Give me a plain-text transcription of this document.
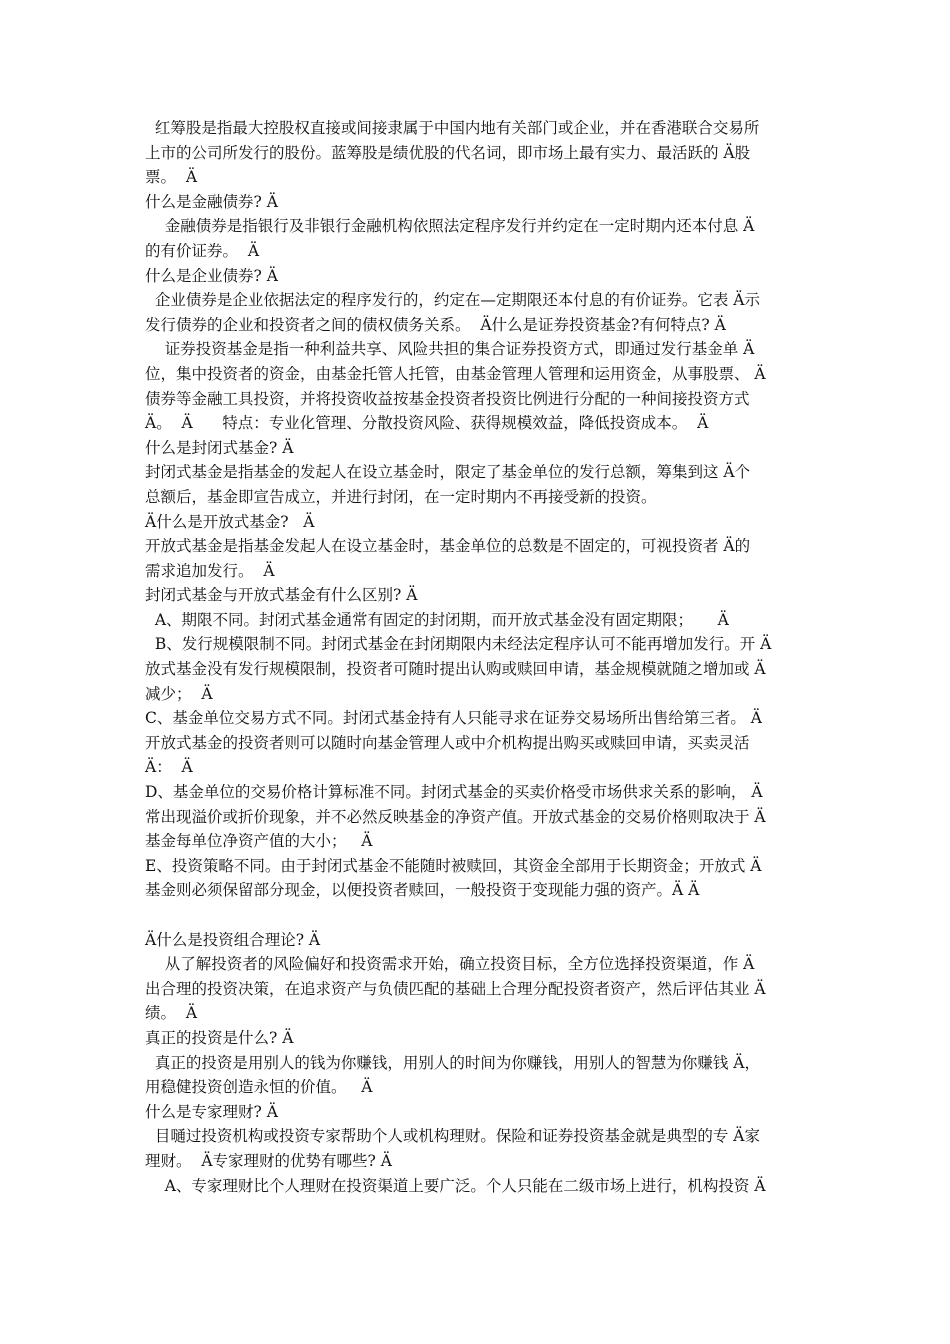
红筹股是指最大控股权直接或间接隶属于中国内地有关部门或企业，并在香港联合交易所
上市的公司所发行的股份。蓝筹股是绩优股的代名词，即市场上最有实力、最活跃的 Ä股
票。  Ä
什么是金融债券? Ä
金融债券是指银行及非银行金融机构依照法定程序发行并约定在一定时期内还本付息 Ä
的有价证券。  Ä
什么是企业债券? Ä
企业债券是企业依据法定的程序发行的，约定在—定期限还本付息的有价证券。它表 Ä示
发行债券的企业和投资者之间的债权债务关系。  Ä什么是证券投资基金?有何特点? Ä
证券投资基金是指一种利益共享、风险共担的集合证券投资方式，即通过发行基金单 Ä
位，集中投资者的资金，由基金托管人托管，由基金管理人管理和运用资金，从事股票、 Ä
债券等金融工具投资，并将投资收益按基金投资者投资比例进行分配的一种间接投资方式
Ä。  Ä      特点：专业化管理、分散投资风险、获得规模效益，降低投资成本。  Ä
什么是封闭式基金? Ä
封闭式基金是指基金的发起人在设立基金时，限定了基金单位的发行总额，筹集到这 Ä个
总额后，基金即宣告成立，并进行封闭，在一定时期内不再接受新的投资。
Ä什么是开放式基金?   Ä
开放式基金是指基金发起人在设立基金时，基金单位的总数是不固定的，可视投资者 Ä的
需求追加发行。  Ä
封闭式基金与开放式基金有什么区别? Ä
A、期限不同。封闭式基金通常有固定的封闭期，而开放式基金没有固定期限；     Ä
B、发行规模限制不同。封闭式基金在封闭期限内未经法定程序认可不能再增加发行。开 Ä
放式基金没有发行规模限制，投资者可随时提出认购或赎回申请，基金规模就随之增加或 Ä
减少；  Ä
C、基金单位交易方式不同。封闭式基金持有人只能寻求在证券交易场所出售给第三者。 Ä
开放式基金的投资者则可以随时向基金管理人或中介机构提出购买或赎回申请，买卖灵活
Ä：  Ä
D、基金单位的交易价格计算标准不同。封闭式基金的买卖价格受市场供求关系的影响， Ä
常出现溢价或折价现象，并不必然反映基金的净资产值。开放式基金的交易价格则取决于 Ä
基金每单位净资产值的大小；   Ä
E、投资策略不同。由于封闭式基金不能随时被赎回，其资金全部用于长期资金；开放式 Ä
基金则必须保留部分现金，以便投资者赎回，一般投资于变现能力强的资产。Ä Ä
Ä什么是投资组合理论? Ä
从了解投资者的风险偏好和投资需求开始，确立投资目标，全方位选择投资渠道，作 Ä
出合理的投资决策，在追求资产与负债匹配的基础上合理分配投资者资产，然后评估其业 Ä
绩。  Ä
真正的投资是什么? Ä
真正的投资是用别人的钱为你赚钱，用别人的时间为你赚钱，用别人的智慧为你赚钱 Ä，
用稳健投资创造永恒的价值。   Ä
什么是专家理财? Ä
目嗵过投资机构或投资专家帮助个人或机构理财。保险和证券投资基金就是典型的专 Ä家
理财。  Ä专家理财的优势有哪些? Ä
A、专家理财比个人理财在投资渠道上要广泛。个人只能在二级市场上进行，机构投资 Ä
